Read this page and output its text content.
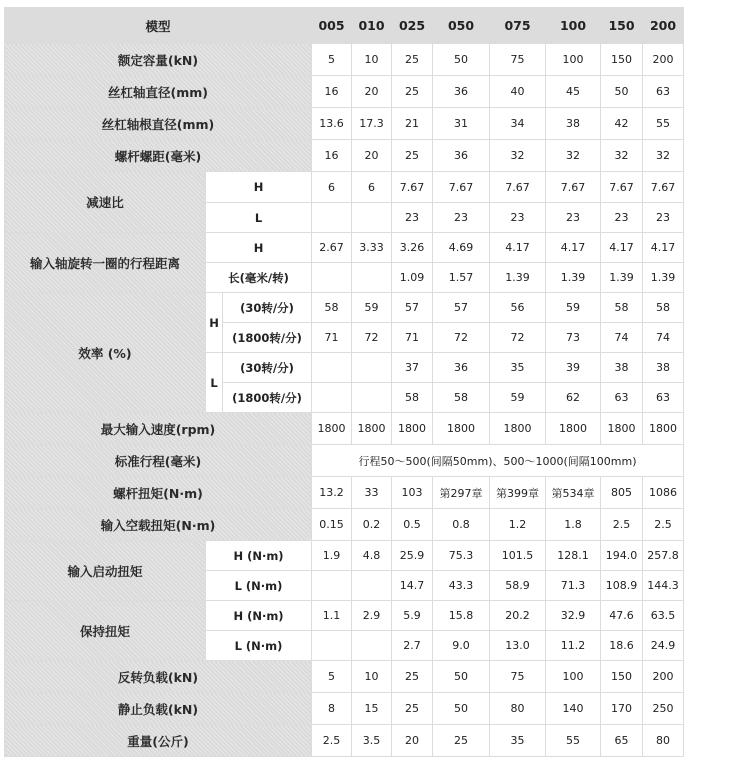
模型			005	010	025	050	075	100	150	200
额定容量(kN)			5	10	25	50	75	100	150	200
丝杠轴直径(mm)			16	20	25	36	40	45	50	63
丝杠轴根直径(mm)			13.6	17.3	21	31	34	38	42	55
螺杆螺距(毫米)			16	20	25	36	32	32	32	32
减速比	H		6	6	7.67	7.67	7.67	7.67	7.67	7.67
	L				23	23	23	23	23	23
输入轴旋转一圈的行程距离	H		2.67	3.33	3.26	4.69	4.17	4.17	4.17	4.17
	长(毫米/转)				1.09	1.57	1.39	1.39	1.39	1.39
效率 (%)	H	(30转/分)	58	59	57	57	56	59	58	58
		(1800转/分)	71	72	71	72	72	73	74	74
	L	(30转/分)			37	36	35	39	38	38
		(1800转/分)			58	58	59	62	63	63
最大输入速度(rpm)			1800	1800	1800	1800	1800	1800	1800	1800
标准行程(毫米)			行程50～500(间隔50mm)、500～1000(间隔100mm)							
螺杆扭矩(N·m)			13.2	33	103	第297章	第399章	第534章	805	1086
输入空载扭矩(N·m)			0.15	0.2	0.5	0.8	1.2	1.8	2.5	2.5
输入启动扭矩	H (N·m)		1.9	4.8	25.9	75.3	101.5	128.1	194.0	257.8
	L (N·m)				14.7	43.3	58.9	71.3	108.9	144.3
保持扭矩	H (N·m)		1.1	2.9	5.9	15.8	20.2	32.9	47.6	63.5
	L (N·m)				2.7	9.0	13.0	11.2	18.6	24.9
反转负载(kN)			5	10	25	50	75	100	150	200
静止负载(kN)			8	15	25	50	80	140	170	250
重量(公斤)			2.5	3.5	20	25	35	55	65	80
